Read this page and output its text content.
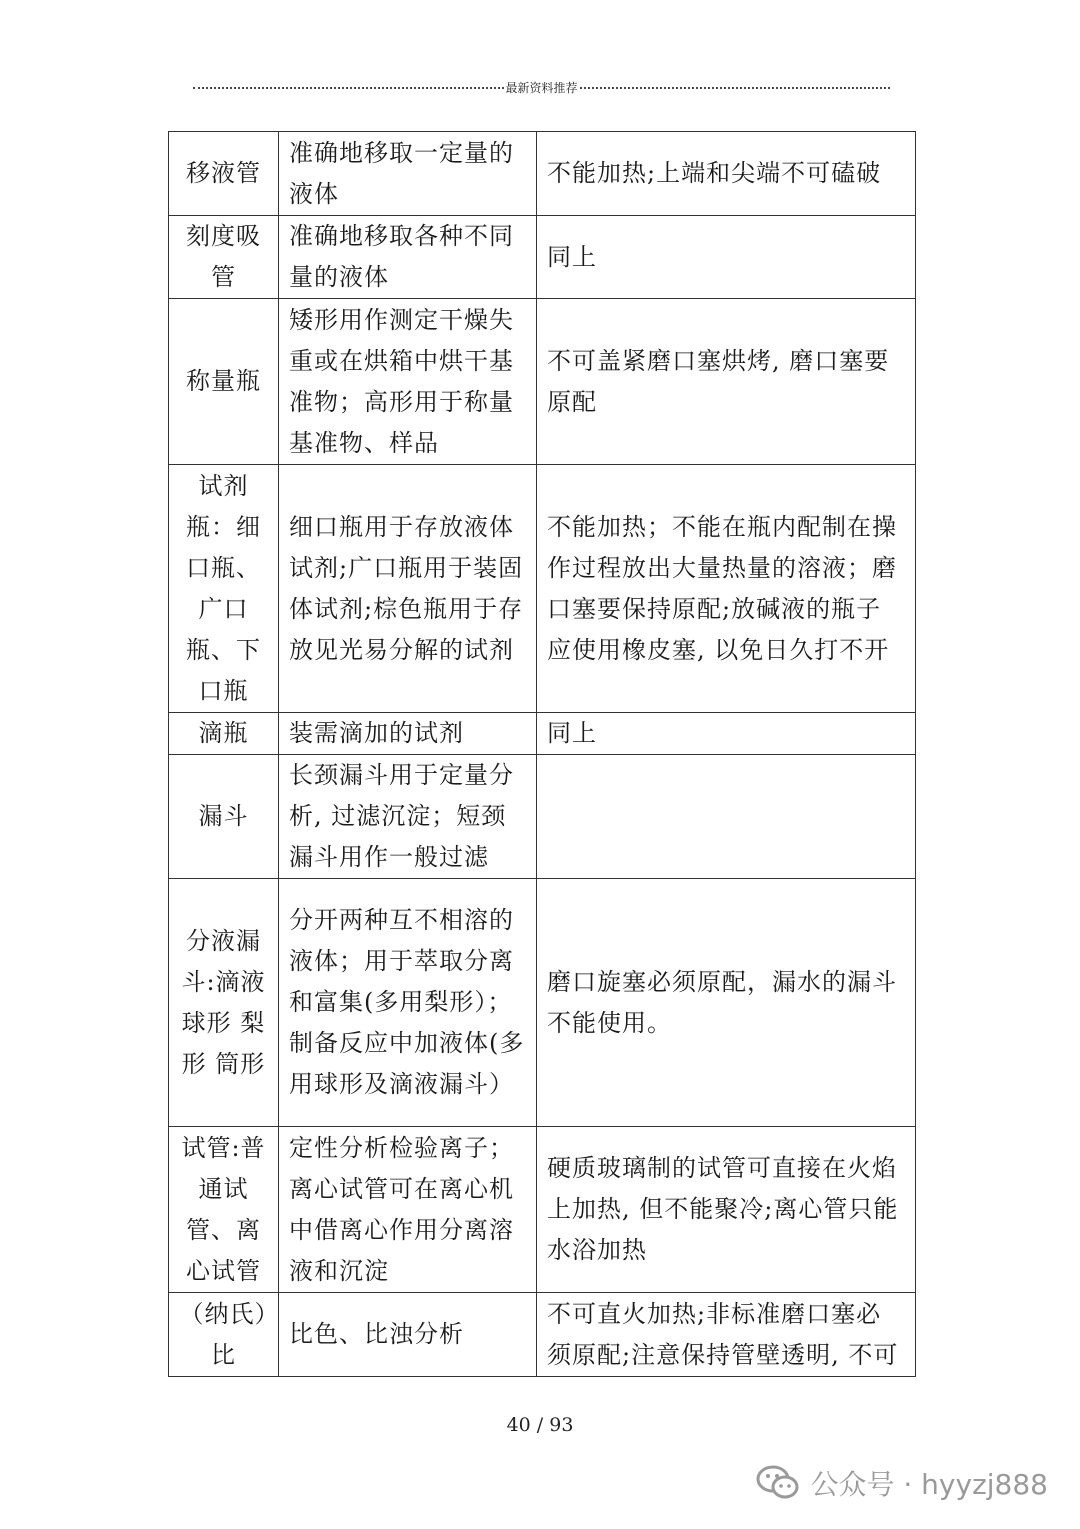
最新资料推荐
移液管	准确地移取一定量的液体	不能加热;上端和尖端不可磕破
刻度吸管	准确地移取各种不同量的液体	同上
称量瓶	矮形用作测定干燥失重或在烘箱中烘干基准物；高形用于称量基准物、样品	不可盖紧磨口塞烘烤, 磨口塞要原配
试剂瓶：细口瓶、广口瓶、下口瓶	细口瓶用于存放液体试剂;广口瓶用于装固体试剂;棕色瓶用于存放见光易分解的试剂	不能加热；不能在瓶内配制在操作过程放出大量热量的溶液；磨口塞要保持原配;放碱液的瓶子应使用橡皮塞, 以免日久打不开
滴瓶	装需滴加的试剂	同上
漏斗	长颈漏斗用于定量分析, 过滤沉淀；短颈漏斗用作一般过滤	
分液漏斗:滴液 球形 梨形 筒形	分开两种互不相溶的液体；用于萃取分离和富集(多用梨形）；制备反应中加液体(多用球形及滴液漏斗）	磨口旋塞必须原配，漏水的漏斗不能使用。
试管:普通试管、离心试管	定性分析检验离子；离心试管可在离心机中借离心作用分离溶液和沉淀	硬质玻璃制的试管可直接在火焰上加热, 但不能聚冷;离心管只能水浴加热
（纳氏）比	比色、比浊分析	不可直火加热;非标准磨口塞必须原配;注意保持管壁透明, 不可
40 / 93
公众号 · hyyzj888
